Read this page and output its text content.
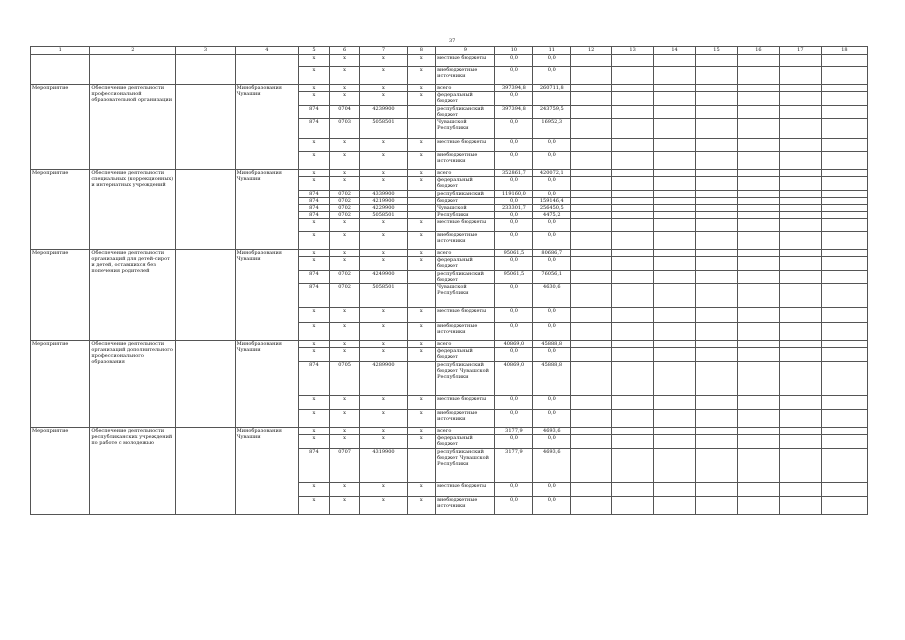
37
1	2	3	4	5	6	7	8	9	10	11	12	13	14	15	16	17	18
				x	x	x	x	местные бюджеты	0,0	0,0							
				x	x	x	x	внебюджетные источники	0,0	0,0							
Мероприятие	Обеспечение деятельности профессиональной образовательной организации		Минобразования Чувашии	x	x	x	x	всего	397394,8	260711,8							
				x	x	x	x	федеральный бюджет	0,0								
				874	0704	4239900		республиканский бюджет	397394,8	243759,5							
				874	0703	5058501		Чувашской Республики	0,0	16952,3							
				x	x	x	x	местные бюджеты	0,0	0,0							
				x	x	x	x	внебюджетные источники	0,0	0,0							
Мероприятие	Обеспечение деятельности специальных (коррекционных) и интернатных учреждений		Минобразования Чувашии	x	x	x	x	всего	352861,7	420072,1							
				x	x	x	x	федеральный бюджет	0,0	0,0							
				874	0702	4339900		республиканский	119160,0	0,0							
				874	0702	4219900		бюджет	0,0	159146,4							
				874	0702	4229900		Чувашской	233301,7	256450,5							
				874	0702	5058501		Республики	0,0	4475,2							
				x	x	x	x	местные бюджеты	0,0	0,0							
				x	x	x	x	внебюджетные источники	0,0	0,0							
Мероприятие	Обеспечение деятельности организаций для детей-сирот и детей, оставшихся без попечения родителей		Минобразования Чувашии	x	x	x	x	всего	95061,5	80686,7							
				x	x	x	x	федеральный бюджет	0,0	0,0							
				874	0702	4249900		республиканский бюджет	95061,5	76056,1							
				874	0702	5058501		Чувашской Республики	0,0	4630,6							
				x	x	x	x	местные бюджеты	0,0	0,0							
				x	x	x	x	внебюджетные источники	0,0	0,0							
Мероприятие	Обеспечение деятельности организаций дополнительного профессионального образования		Минобразования Чувашии	x	x	x	x	всего	40869,0	45888,8							
				x	x	x	x	федеральный бюджет	0,0	0,0							
				874	0705	4289900		республиканский бюджет Чувашской Республики	40869,0	45888,8							
				x	x	x	x	местные бюджеты	0,0	0,0							
				x	x	x	x	внебюджетные источники	0,0	0,0							
Мероприятие	Обеспечение деятельности республиканских учреждений по работе с молодежью		Минобразования Чувашии	x	x	x	x	всего	3177,9	4693,6							
				x	x	x	x	федеральный бюджет	0,0	0,0							
				874	0707	4319900		республиканский бюджет Чувашской Республики	3177,9	4693,6							
				x	x	x	x	местные бюджеты	0,0	0,0							
				x	x	x	x	внебюджетные источники	0,0	0,0							
